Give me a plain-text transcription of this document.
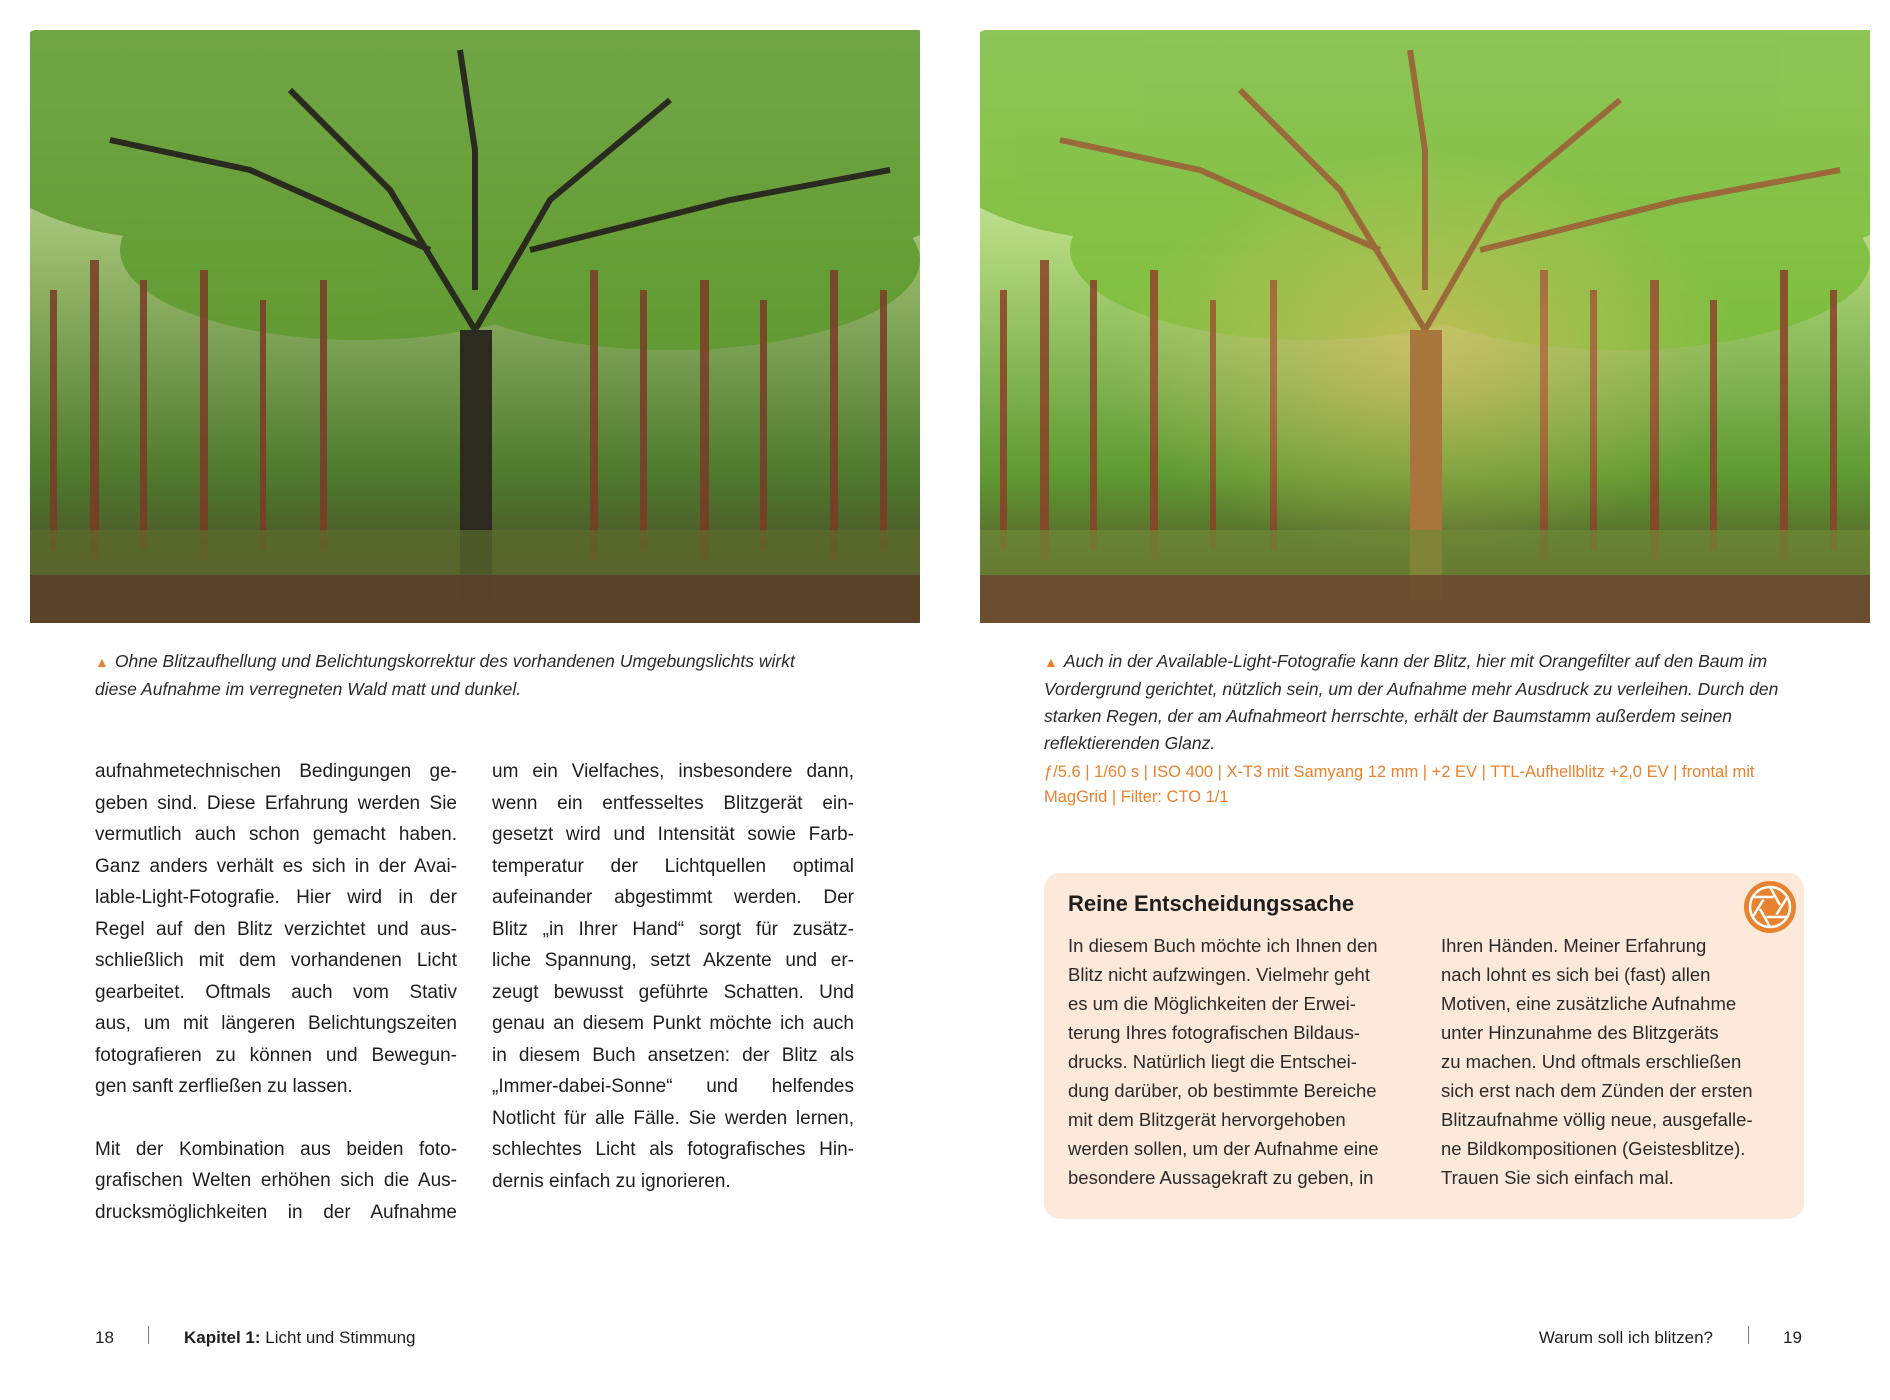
▲ Ohne Blitzaufhellung und Belichtungskorrektur des vorhandenen Umgebungslichts wirkt diese Aufnahme im verregneten Wald matt und dunkel.
▲ Auch in der Available-Light-Fotografie kann der Blitz, hier mit Orangefilter auf den Baum im Vordergrund gerichtet, nützlich sein, um der Aufnahme mehr Ausdruck zu verleihen. Durch den starken Regen, der am Aufnahmeort herrschte, erhält der Baumstamm außerdem seinen reflektierenden Glanz.
ƒ/5.6 | 1/60 s | ISO 400 | X-T3 mit Samyang 12 mm | +2 EV | TTL-Aufhellblitz +2,0 EV | frontal mit MagGrid | Filter: CTO 1/1

aufnahmetechnischen Bedingungen ge-
geben sind. Diese Erfahrung werden Sie
vermutlich auch schon gemacht haben.
Ganz anders verhält es sich in der Avai-
lable-Light-Fotografie. Hier wird in der
Regel auf den Blitz verzichtet und aus-
schließlich mit dem vorhandenen Licht
gearbeitet. Oftmals auch vom Stativ
aus, um mit längeren Belichtungszeiten
fotografieren zu können und Bewegun-
gen sanft zerfließen zu lassen.

Mit der Kombination aus beiden foto-
grafischen Welten erhöhen sich die Aus-
drucksmöglichkeiten in der Aufnahme

um ein Vielfaches, insbesondere dann,
wenn ein entfesseltes Blitzgerät ein-
gesetzt wird und Intensität sowie Farb-
temperatur der Lichtquellen optimal
aufeinander abgestimmt werden. Der
Blitz „in Ihrer Hand“ sorgt für zusätz-
liche Spannung, setzt Akzente und er-
zeugt bewusst geführte Schatten. Und
genau an diesem Punkt möchte ich auch
in diesem Buch ansetzen: der Blitz als
„Immer-dabei-Sonne“ und helfendes
Notlicht für alle Fälle. Sie werden lernen,
schlechtes Licht als fotografisches Hin-
dernis einfach zu ignorieren.

Reine Entscheidungssache
In diesem Buch möchte ich Ihnen den
Blitz nicht aufzwingen. Vielmehr geht
es um die Möglichkeiten der Erwei-
terung Ihres fotografischen Bildaus-
drucks. Natürlich liegt die Entschei-
dung darüber, ob bestimmte Bereiche
mit dem Blitzgerät hervorgehoben
werden sollen, um der Aufnahme eine
besondere Aussagekraft zu geben, in
Ihren Händen. Meiner Erfahrung
nach lohnt es sich bei (fast) allen
Motiven, eine zusätzliche Aufnahme
unter Hinzunahme des Blitzgeräts
zu machen. Und oftmals erschließen
sich erst nach dem Zünden der ersten
Blitzaufnahme völlig neue, ausgefalle-
ne Bildkompositionen (Geistesblitze).
Trauen Sie sich einfach mal.
18	Kapitel 1: Licht und Stimmung	Warum soll ich blitzen?	19
